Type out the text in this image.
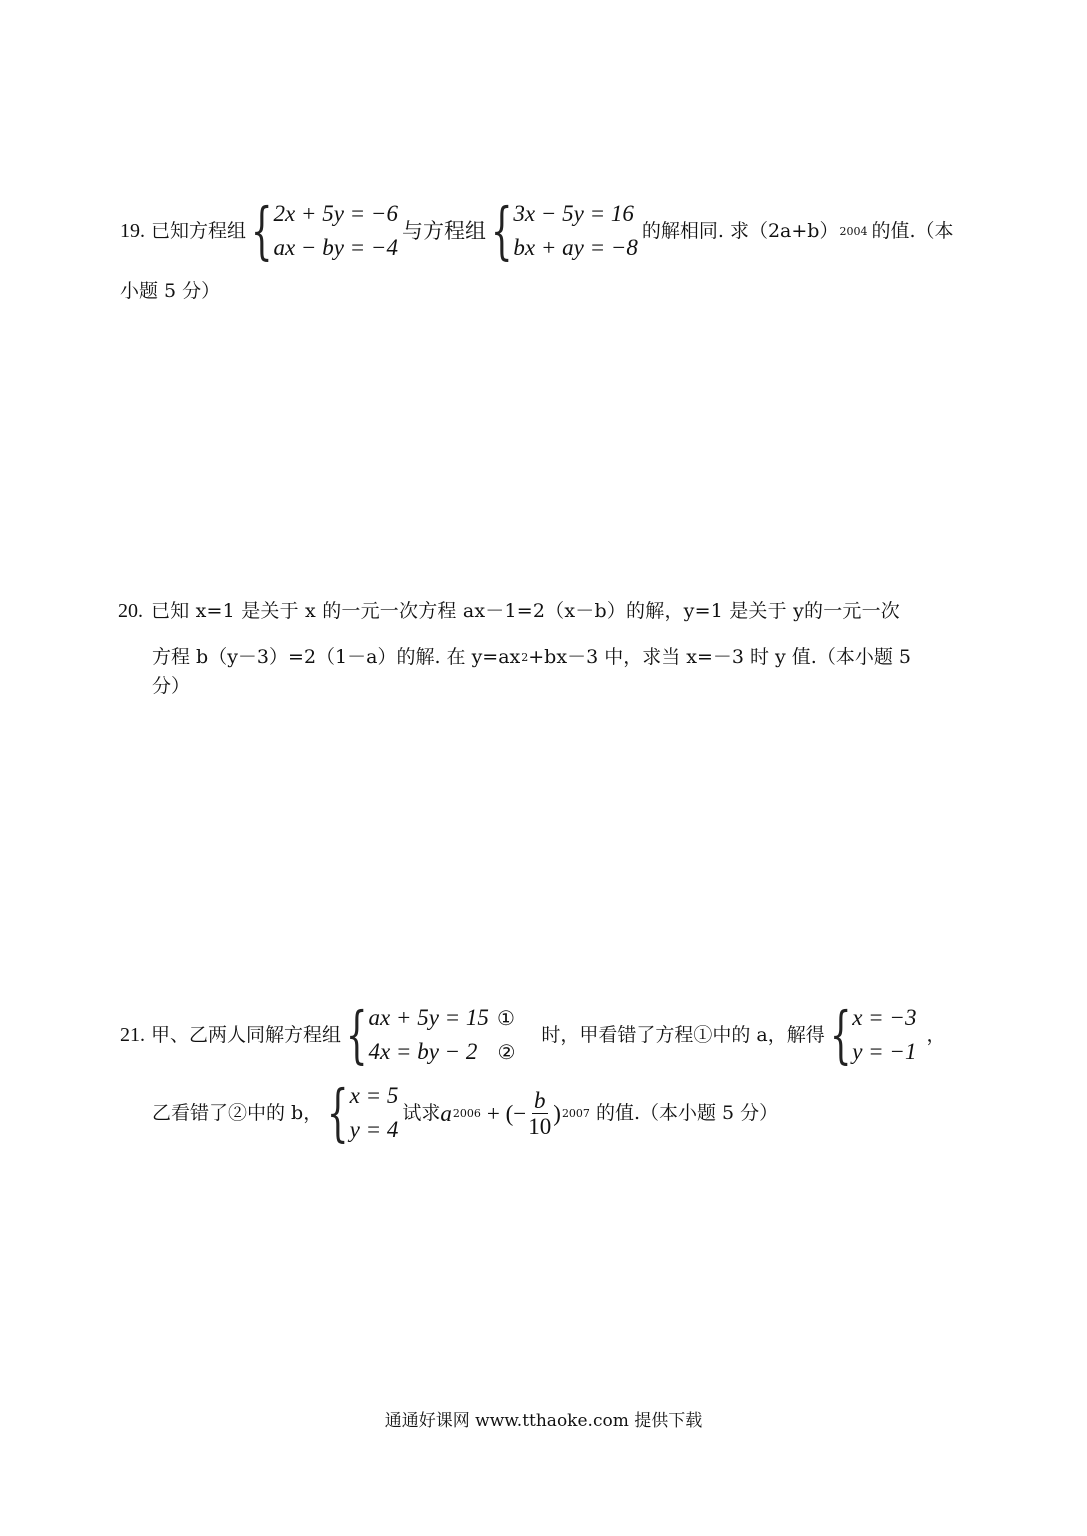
19. 已知方程组 { 2x + 5y = −6
ax − by = −4
与方程组 { 3x − 5y = 16
bx + ay = −8
的解相同. 求（2a+b） 2004 的值.（本
小题 5 分）
20. 已知 x=1 是关于 x 的一元一次方程 ax－1=2（x－b）的解，y=1 是关于 y的一元一次
方程 b（y－3）=2（1－a）的解. 在 y=ax 2 +bx－3 中，求当 x=－3 时 y 值.（本小题 5
分）
21. 甲、乙两人同解方程组 { ax + 5y = 15 ①
4x = by − 2 ②
时，甲看错了方程①中的 a，解得 { x = −3
y = −1
，
乙看错了②中的 b， { x = 5
y = 4
试求 a 2006 + (− $\frac{b}{10}$ ) 2007 的值.（本小题 5 分）
通通好课网 www.tthaoke.com 提供下载
